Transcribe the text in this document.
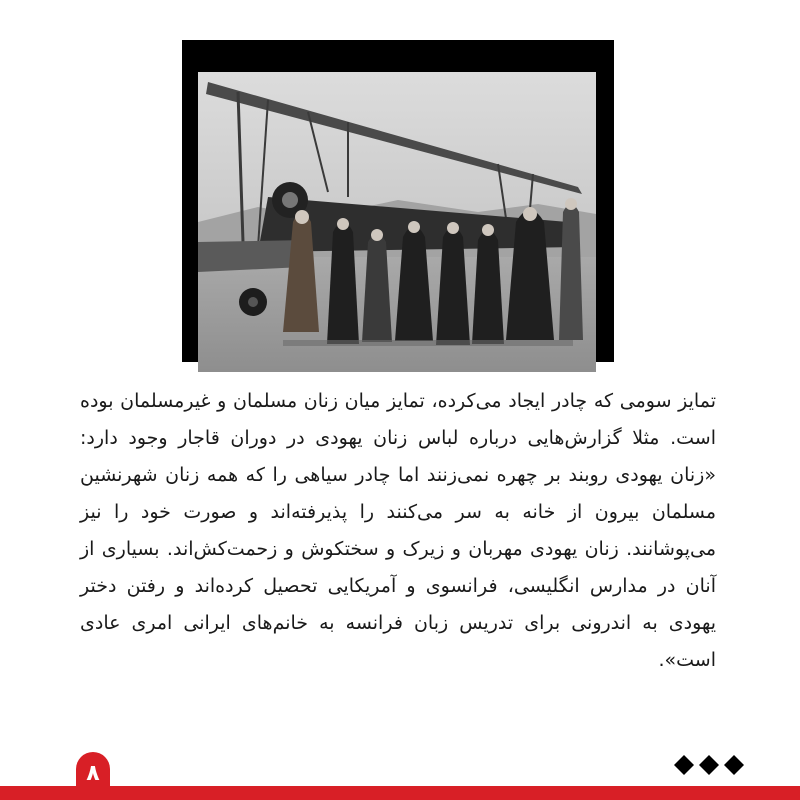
تمایز سومی که چادر ایجاد می‌کرده، تمایز میان زنان مسلمان و غیرمسلمان بوده است. مثلا گزارش‌هایی درباره لباس زنان یهودی در دوران قاجار وجود دارد: «زنان یهودی روبند بر چهره نمی‌زنند اما چادر سیاهی را که همه زنان شهرنشین مسلمان بیرون از خانه به سر می‌کنند را پذیرفته‌اند و صورت خود را نیز می‌پوشانند. زنان یهودی مهربان و زیرک و سختکوش و زحمت‌کش‌اند. بسیاری از آنان در مدارس انگلیسی، فرانسوی و آمریکایی تحصیل کرده‌اند و رفتن دختر یهودی به اندرونی برای تدریس زبان فرانسه به خانم‌های ایرانی امری عادی است».

۸
